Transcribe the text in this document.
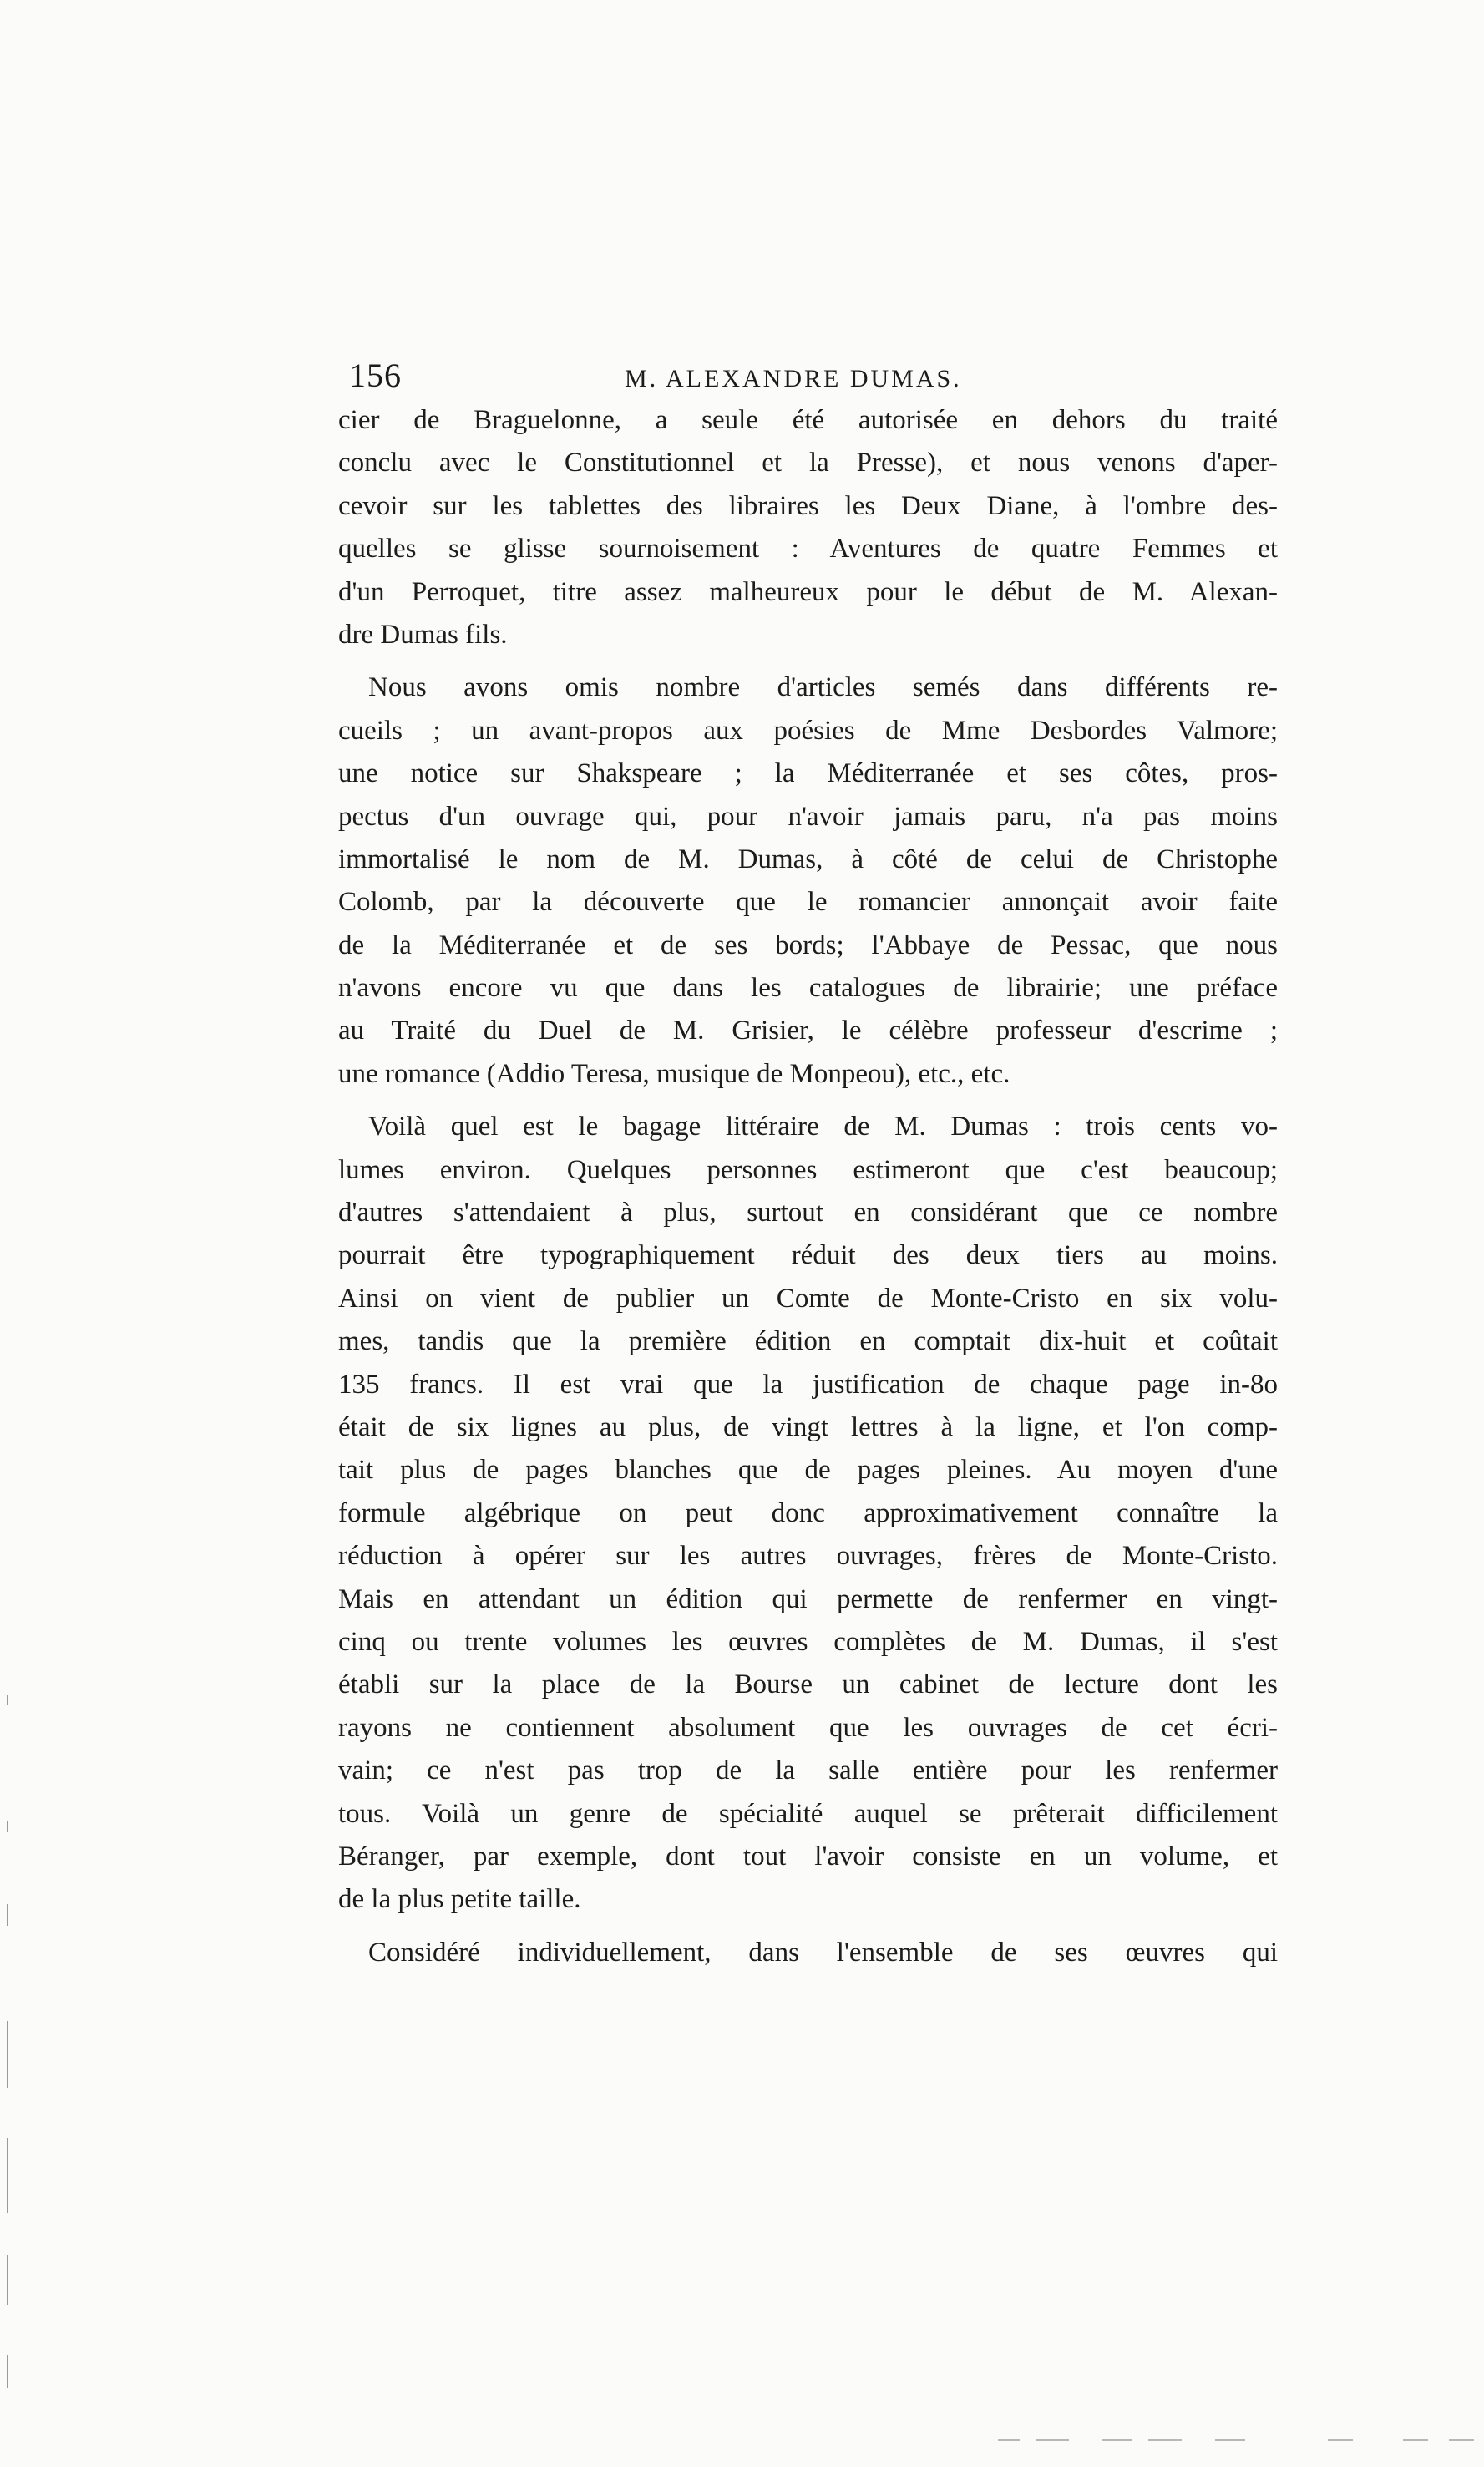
156	M. ALEXANDRE DUMAS.
cier de Braguelonne, a seule été autorisée en dehors du traité
conclu avec le Constitutionnel et la Presse), et nous venons d'aper-
cevoir sur les tablettes des libraires les Deux Diane, à l'ombre des-
quelles se glisse sournoisement : Aventures de quatre Femmes et
d'un Perroquet, titre assez malheureux pour le début de M. Alexan-
dre Dumas fils.
Nous avons omis nombre d'articles semés dans différents re-
cueils ; un avant-propos aux poésies de Mme Desbordes Valmore;
une notice sur Shakspeare ; la Méditerranée et ses côtes, pros-
pectus d'un ouvrage qui, pour n'avoir jamais paru, n'a pas moins
immortalisé le nom de M. Dumas, à côté de celui de Christophe
Colomb, par la découverte que le romancier annonçait avoir faite
de la Méditerranée et de ses bords; l'Abbaye de Pessac, que nous
n'avons encore vu que dans les catalogues de librairie; une préface
au Traité du Duel de M. Grisier, le célèbre professeur d'escrime ;
une romance (Addio Teresa, musique de Monpeou), etc., etc.
Voilà quel est le bagage littéraire de M. Dumas : trois cents vo-
lumes environ. Quelques personnes estimeront que c'est beaucoup;
d'autres s'attendaient à plus, surtout en considérant que ce nombre
pourrait être typographiquement réduit des deux tiers au moins.
Ainsi on vient de publier un Comte de Monte-Cristo en six volu-
mes, tandis que la première édition en comptait dix-huit et coûtait
135 francs. Il est vrai que la justification de chaque page in-8o
était de six lignes au plus, de vingt lettres à la ligne, et l'on comp-
tait plus de pages blanches que de pages pleines. Au moyen d'une
formule algébrique on peut donc approximativement connaître la
réduction à opérer sur les autres ouvrages, frères de Monte-Cristo.
Mais en attendant un édition qui permette de renfermer en vingt-
cinq ou trente volumes les œuvres complètes de M. Dumas, il s'est
établi sur la place de la Bourse un cabinet de lecture dont les
rayons ne contiennent absolument que les ouvrages de cet écri-
vain; ce n'est pas trop de la salle entière pour les renfermer
tous. Voilà un genre de spécialité auquel se prêterait difficilement
Béranger, par exemple, dont tout l'avoir consiste en un volume, et
de la plus petite taille.
Considéré individuellement, dans l'ensemble de ses œuvres qui
